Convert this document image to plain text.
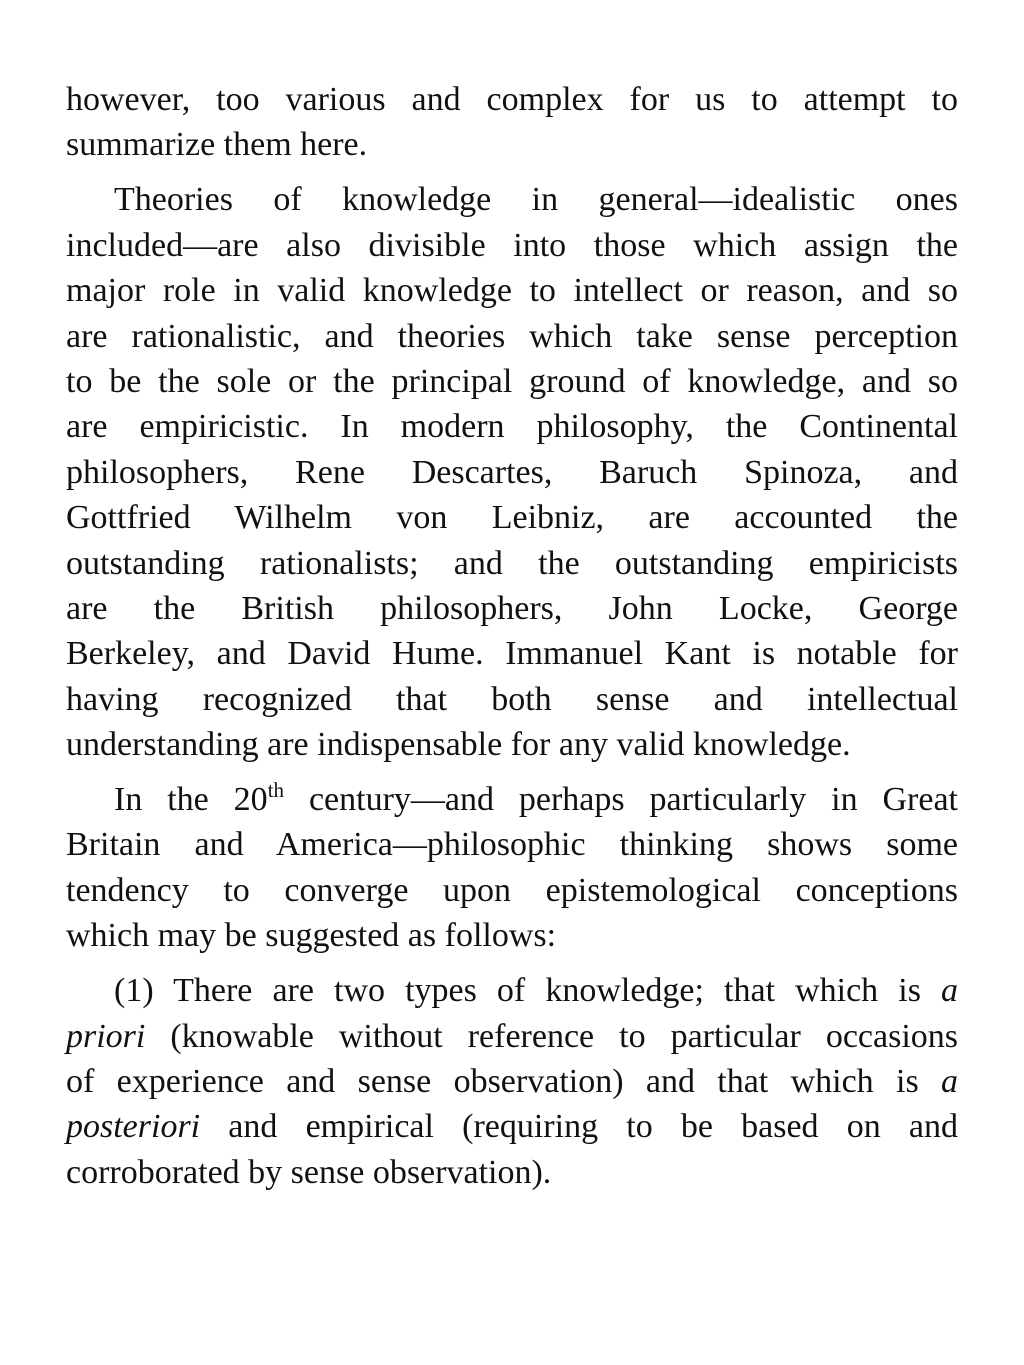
however, too various and complex for us to attempt to
summarize them here.
Theories of knowledge in general—idealistic ones
included—are also divisible into those which assign the
major role in valid knowledge to intellect or reason, and so
are rationalistic, and theories which take sense perception
to be the sole or the principal ground of knowledge, and so
are empiricistic. In modern philosophy, the Continental
philosophers, Rene Descartes, Baruch Spinoza, and
Gottfried Wilhelm von Leibniz, are accounted the
outstanding rationalists; and the outstanding empiricists
are the British philosophers, John Locke, George
Berkeley, and David Hume. Immanuel Kant is notable for
having recognized that both sense and intellectual
understanding are indispensable for any valid knowledge.
In the 20th century—and perhaps particularly in Great
Britain and America—philosophic thinking shows some
tendency to converge upon epistemological conceptions
which may be suggested as follows:
(1) There are two types of knowledge; that which is a
priori (knowable without reference to particular occasions
of experience and sense observation) and that which is a
posteriori and empirical (requiring to be based on and
corroborated by sense observation).
